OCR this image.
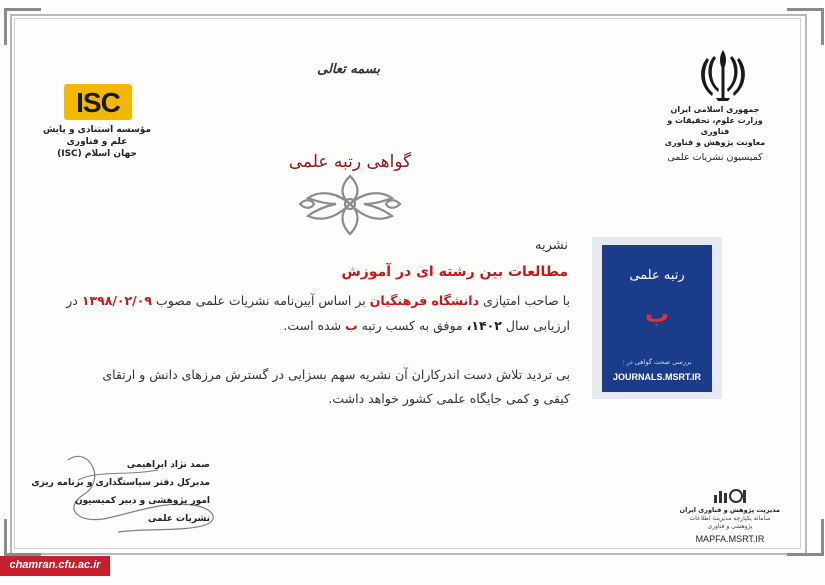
بسمه تعالی
ISC
مؤسسه استنادی و پایش علم و فناوری
جهان اسلام (ISC)
جمهوری اسلامی ایران
وزارت علوم، تحقیقات و فناوری
معاونت پژوهش و فناوری
کمیسیون نشریات علمی
گواهی رتبه علمی
نشریه
مطالعات بین رشته ای در آموزش
با صاحب امتیازی دانشگاه فرهنگیان بر اساس آیین‌نامه نشریات علمی مصوب ۱۳۹۸/۰۲/۰۹ در
ارزیابی سال ۱۴۰۲، موفق به کسب رتبه ب شده است.
بی تردید تلاش دست اندرکاران آن نشریه سهم بسزایی در گسترش مرزهای دانش و ارتقای
کیفی و کمی جایگاه علمی کشور خواهد داشت.
رتبه علمی
ب
بررسی صحت گواهی در :
JOURNALS.MSRT.IR
صمد نژاد ابراهیمی
مدیرکل دفتر سیاستگذاری و برنامه ریزی
امور پژوهشی و دبیر کمیسیون
نشریات علمی
مدیریت پژوهش و فناوری ایران
سامانه یکپارچه مدیریت اطلاعات پژوهشی و فناوری
MAPFA.MSRT.IR
chamran.cfu.ac.ir
